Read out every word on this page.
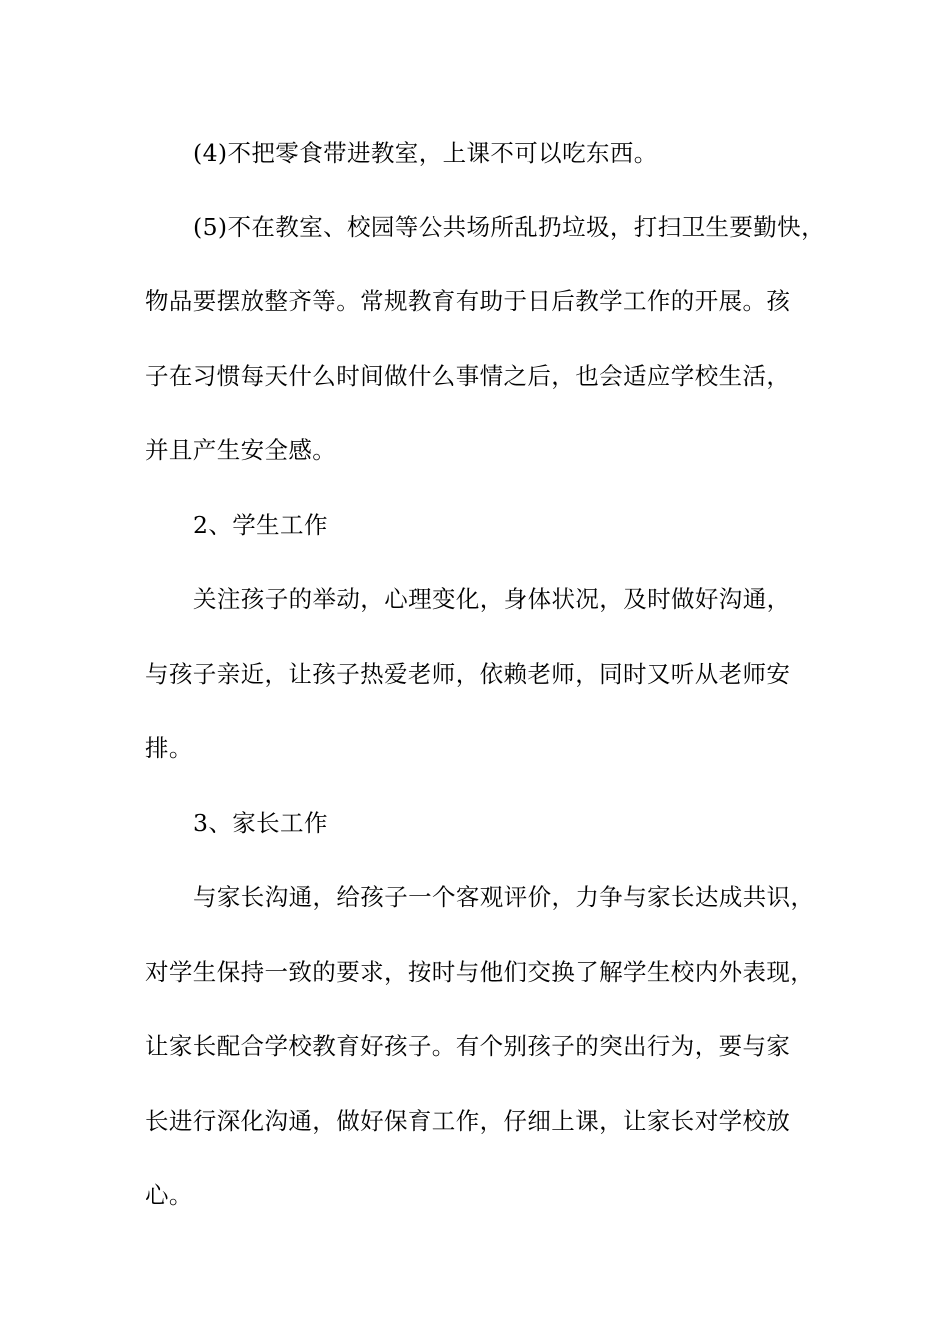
(4)不把零食带进教室，上课不可以吃东西。
(5)不在教室、校园等公共场所乱扔垃圾，打扫卫生要勤快，
物品要摆放整齐等。常规教育有助于日后教学工作的开展。孩
子在习惯每天什么时间做什么事情之后，也会适应学校生活，
并且产生安全感。
2、学生工作
关注孩子的举动，心理变化，身体状况，及时做好沟通，
与孩子亲近，让孩子热爱老师，依赖老师，同时又听从老师安
排。
3、家长工作
与家长沟通，给孩子一个客观评价，力争与家长达成共识，
对学生保持一致的要求，按时与他们交换了解学生校内外表现，
让家长配合学校教育好孩子。有个别孩子的突出行为，要与家
长进行深化沟通，做好保育工作，仔细上课，让家长对学校放
心。
